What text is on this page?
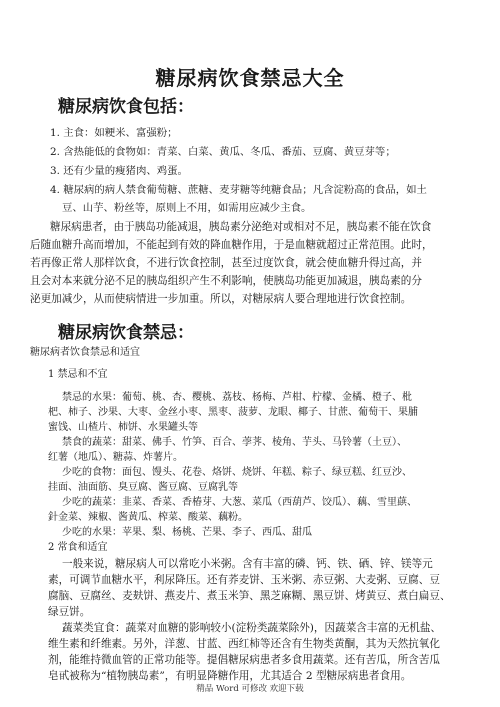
糖尿病饮食禁忌大全
糖尿病饮食包括：
1. 主食：如粳米、富强粉；
2. 含热能低的食物如：青菜、白菜、黄瓜、冬瓜、番茄、豆腐、黄豆芽等；
3. 还有少量的瘦猪肉、鸡蛋。
4. 糖尿病的病人禁食葡萄糖、蔗糖、麦芽糖等纯糖食品；凡含淀粉高的食品，如土
豆、山芋、粉丝等，原则上不用，如需用应减少主食。
糖尿病患者，由于胰岛功能减退，胰岛素分泌绝对或相对不足，胰岛素不能在饮食
后随血糖升高而增加，不能起到有效的降血糖作用，于是血糖就超过正常范围。此时，
若再像正常人那样饮食，不进行饮食控制，甚至过度饮食，就会使血糖升得过高，并
且会对本来就分泌不足的胰岛组织产生不利影响，使胰岛功能更加减退，胰岛素的分
泌更加减少，从而使病情进一步加重。所以，对糖尿病人要合理地进行饮食控制。
糖尿病饮食禁忌：
糖尿病者饮食禁忌和适宜
1 禁忌和不宜
禁忌的水果：葡萄、桃、杏、樱桃、荔枝、杨梅、芦柑、柠檬、金橘、橙子、枇
杷、柿子、沙果、大枣、金丝小枣、黑枣、菠萝、龙眼、椰子、甘蔗、葡萄干、果脯
蜜饯、山楂片、柿饼、水果罐头等
禁食的蔬菜：甜菜、佛手、竹笋、百合、荸荠、棱角、芋头、马铃薯（土豆）、
红薯（地瓜）、糖蒜、炸薯片。
少吃的食物：面包、馒头、花卷、烙饼、烧饼、年糕、粽子、绿豆糕、红豆沙、
挂面、油面筋、臭豆腐、酱豆腐、豆腐乳等
少吃的蔬菜：韭菜、香菜、香椿芽、大葱、菜瓜（西葫芦、饺瓜）、藕、雪里蕻、
針金菜、辣椒、酱黄瓜、榨菜、酸菜、藕粉。
少吃的水果：苹果、梨、杨桃、芒果、李子、西瓜、甜瓜
2 常食和适宜
一般来说，糖尿病人可以常吃小米粥。含有丰富的磷、钙、铁、硒、锌、镁等元
素，可调节血糖水平，利尿降压。还有荞麦饼、玉米粥、赤豆粥、大麦粥、豆腐、豆
腐脑、豆腐丝、麦麸饼、燕麦片、煮玉米笋、黑芝麻糊、黑豆饼、烤黄豆、煮白扁豆、
绿豆饼。
蔬菜类宜食：蔬菜对血糖的影响较小(淀粉类蔬菜除外)，因蔬菜含丰富的无机盐、
维生素和纤维素。另外，洋葱、甘蓝、西红柿等还含有生物类黄酮，其为天然抗氧化
剂，能维持微血管的正常功能等。提倡糖尿病患者多食用蔬菜。还有苦瓜，所含苦瓜
皂甙被称为“植物胰岛素”，有明显降糖作用，尤其适合 2 型糖尿病患者食用。
精品 Word 可修改 欢迎下载
